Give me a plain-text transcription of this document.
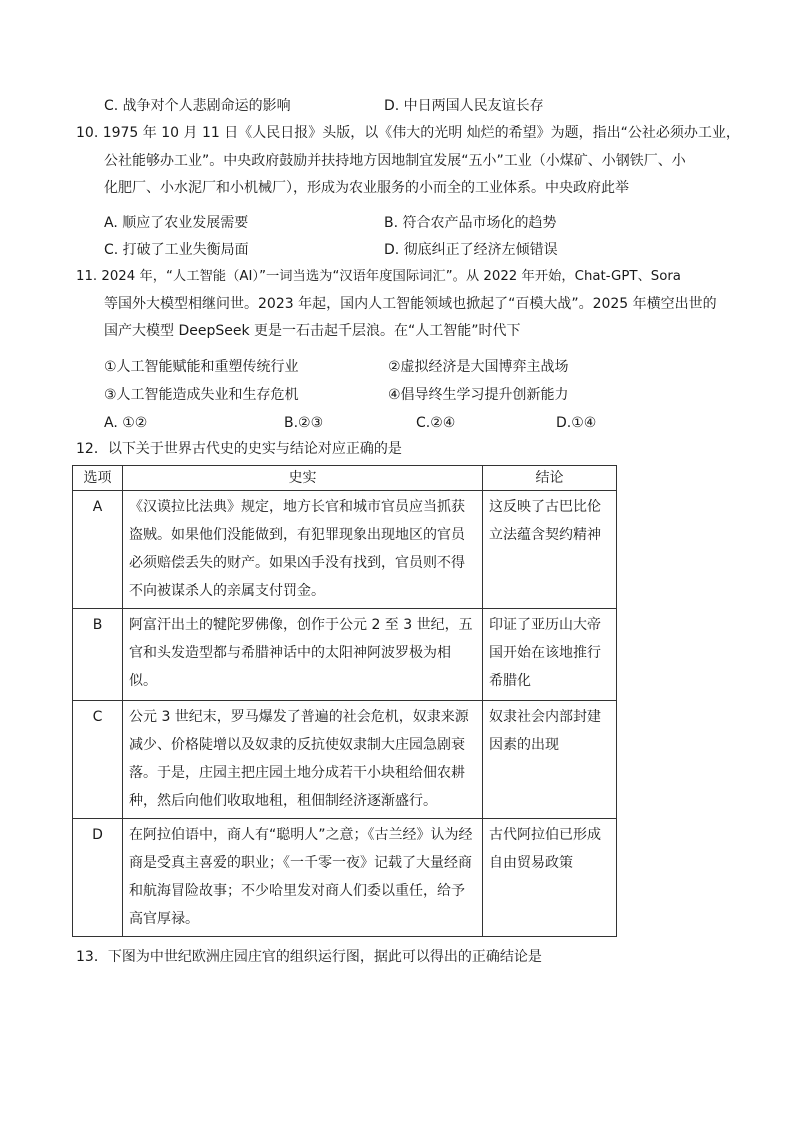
C. 战争对个人悲剧命运的影响	D. 中日两国人民友谊长存
10. 1975 年 10 月 11 日《人民日报》头版，以《伟大的光明 灿烂的希望》为题，指出“公社必须办工业，
公社能够办工业”。中央政府鼓励并扶持地方因地制宜发展“五小”工业（小煤矿、小钢铁厂、小
化肥厂、小水泥厂和小机械厂），形成为农业服务的小而全的工业体系。中央政府此举
A. 顺应了农业发展需要	B. 符合农产品市场化的趋势
C. 打破了工业失衡局面	D. 彻底纠正了经济左倾错误
11. 2024 年，“人工智能（AI）”一词当选为“汉语年度国际词汇”。从 2022 年开始，Chat-GPT、Sora
等国外大模型相继问世。2023 年起，国内人工智能领域也掀起了“百模大战”。2025 年横空出世的
国产大模型 DeepSeek 更是一石击起千层浪。在“人工智能”时代下
①人工智能赋能和重塑传统行业	②虚拟经济是大国博弈主战场
③人工智能造成失业和生存危机	④倡导终生学习提升创新能力
A. ①②	B.②③	C.②④	D.①④
12．以下关于世界古代史的史实与结论对应正确的是
选项	史实	结论
A	《汉谟拉比法典》规定，地方长官和城市官员应当抓获盗贼。如果他们没能做到，有犯罪现象出现地区的官员必须赔偿丢失的财产。如果凶手没有找到，官员则不得不向被谋杀人的亲属支付罚金。	这反映了古巴比伦立法蕴含契约精神
B	阿富汗出土的犍陀罗佛像，创作于公元 2 至 3 世纪，五官和头发造型都与希腊神话中的太阳神阿波罗极为相似。	印证了亚历山大帝国开始在该地推行希腊化
C	公元 3 世纪末，罗马爆发了普遍的社会危机，奴隶来源减少、价格陡增以及奴隶的反抗使奴隶制大庄园急剧衰落。于是，庄园主把庄园土地分成若干小块租给佃农耕种，然后向他们收取地租，租佃制经济逐渐盛行。	奴隶社会内部封建因素的出现
D	在阿拉伯语中，商人有“聪明人”之意；《古兰经》认为经商是受真主喜爱的职业；《一千零一夜》记载了大量经商和航海冒险故事；不少哈里发对商人们委以重任，给予高官厚禄。	古代阿拉伯已形成自由贸易政策
13．下图为中世纪欧洲庄园庄官的组织运行图，据此可以得出的正确结论是
